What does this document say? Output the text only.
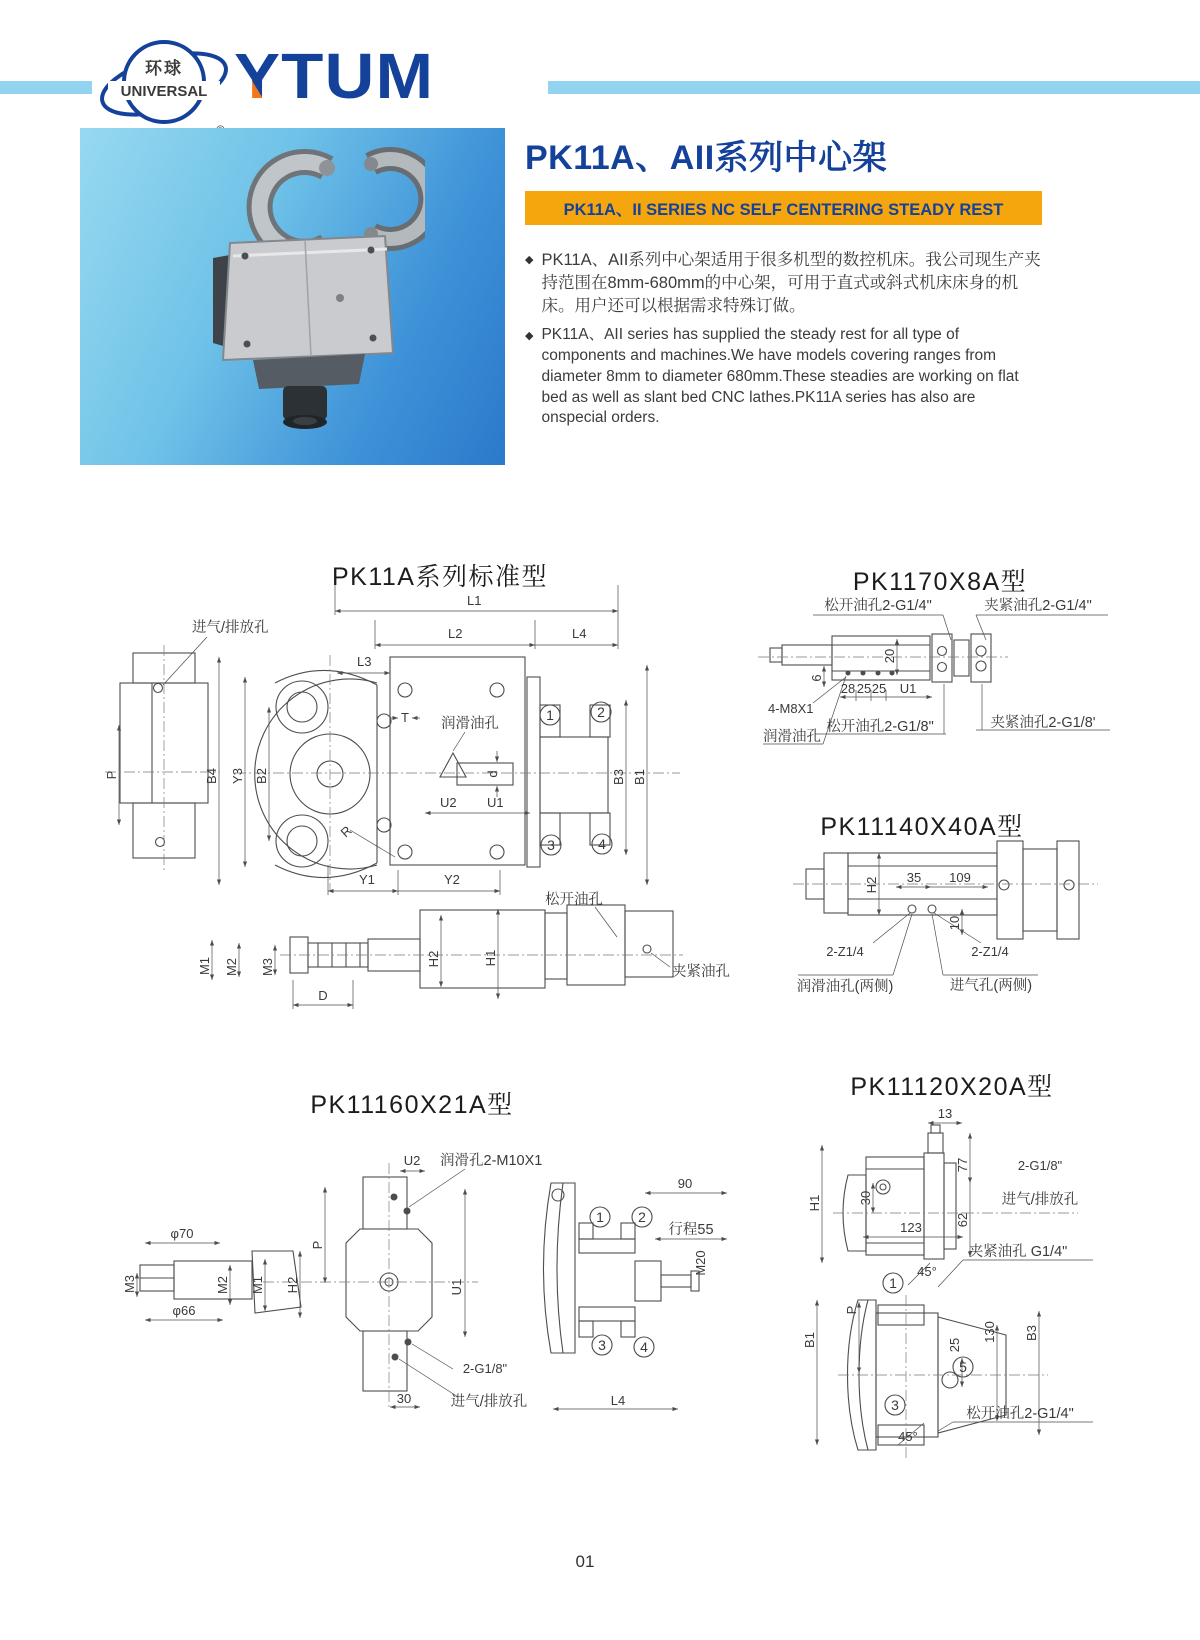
环球
UNIVERSAL YTUM
PK11A、AII系列中心架
PK11A、II SERIES NC SELF CENTERING STEADY REST
◆ PK11A、AII系列中心架适用于很多机型的数控机床。我公司现生产夹持范围在8mm-680mm的中心架，可用于直式或斜式机床床身的机床。用户还可以根据需求特殊订做。

◆ PK11A、AII series has supplied the steady rest for all type of components and machines.We have models covering ranges from diameter 8mm to diameter 680mm.These steadies are working on flat bed as well as slant bed CNC lathes.PK11A series has also are onspecial orders.

PK11A系列标准型
进气/排放孔
L1
L2	L4
L3
P	B4 Y3 B2
T 润滑油孔
d
U2 U1
1	2
3	4
B3 B1
R
Y1	Y2
松开油孔
M1 M2 M3
D
H2	H1
夹紧油孔
PK1170X8A型
松开油孔2-G1/4"	夹紧油孔2-G1/4"
20
6
28 25 25 U1
4-M8X1
润滑油孔
松开油孔2-G1/8"	夹紧油孔2-G1/8'
PK11140X40A型
H2 35 109
10
2-Z1/4	2-Z1/4
润滑油孔(两侧)	进气孔(两侧)
PK11160X21A型
U2 润滑孔2-M10X1
φ70
M3
φ66
M2 M1 H2
P
U1
2-G1/8"
30	进气/排放孔	L4
1 2
3 4
90
行程55
M20
PK11120X20A型
13
H1
77	2-G1/8"
30
62
进气/排放孔
123
夹紧油孔 G1/4"
45°
1
B1
P
25
130 B3
5
3
松开油孔2-G1/4"
45°
01
